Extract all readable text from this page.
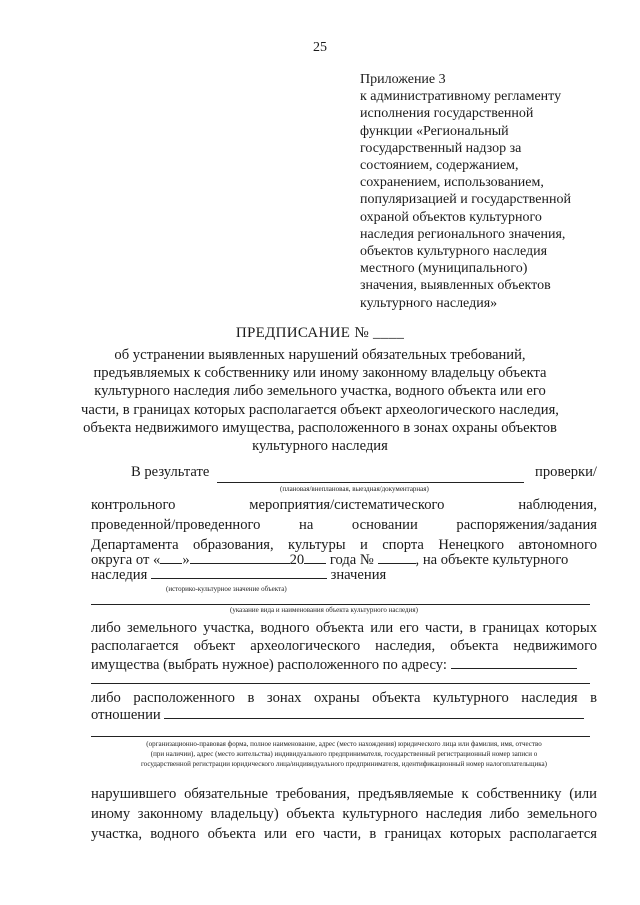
25
Приложение 3
к административному регламенту
исполнения государственной
функции «Региональный
государственный надзор за
состоянием, содержанием,
сохранением, использованием,
популяризацией и государственной
охраной объектов культурного
наследия регионального значения,
объектов культурного наследия
местного (муниципального)
значения, выявленных объектов
культурного наследия»
ПРЕДПИСАНИЕ № ____
об устранении выявленных нарушений обязательных требований,
предъявляемых к собственнику или иному законному владельцу объекта
культурного наследия либо земельного участка, водного объекта или его
части, в границах которых располагается объект археологического наследия,
объекта недвижимого имущества, расположенного в зонах охраны объектов
культурного наследия
В результате	проверки/
(плановая/внеплановая, выездная/документарная)
контрольного мероприятия/систематического наблюдения,
проведенной/проведенного на основании распоряжения/задания
Департамента образования, культуры и спорта Ненецкого автономного
округа от « »	20 года №	, на объекте культурного
наследия	значения
(историко-культурное значение объекта)
(указание вида и наименования объекта культурного наследия)
либо земельного участка, водного объекта или его части, в границах которых
располагается объект археологического наследия, объекта недвижимого
имущества (выбрать нужное) расположенного по адресу:
либо расположенного в зонах охраны объекта культурного наследия в
отношении
(организационно-правовая форма, полное наименование, адрес (место нахождения) юридического лица или фамилия, имя, отчество
(при наличии), адрес (место жительства) индивидуального предпринимателя, государственный регистрационный номер записи о
государственной регистрации юридического лица/индивидуального предпринимателя, идентификационный номер налогоплательщика)
нарушившего обязательные требования, предъявляемые к собственнику (или
иному законному владельцу) объекта культурного наследия либо земельного
участка, водного объекта или его части, в границах которых располагается
